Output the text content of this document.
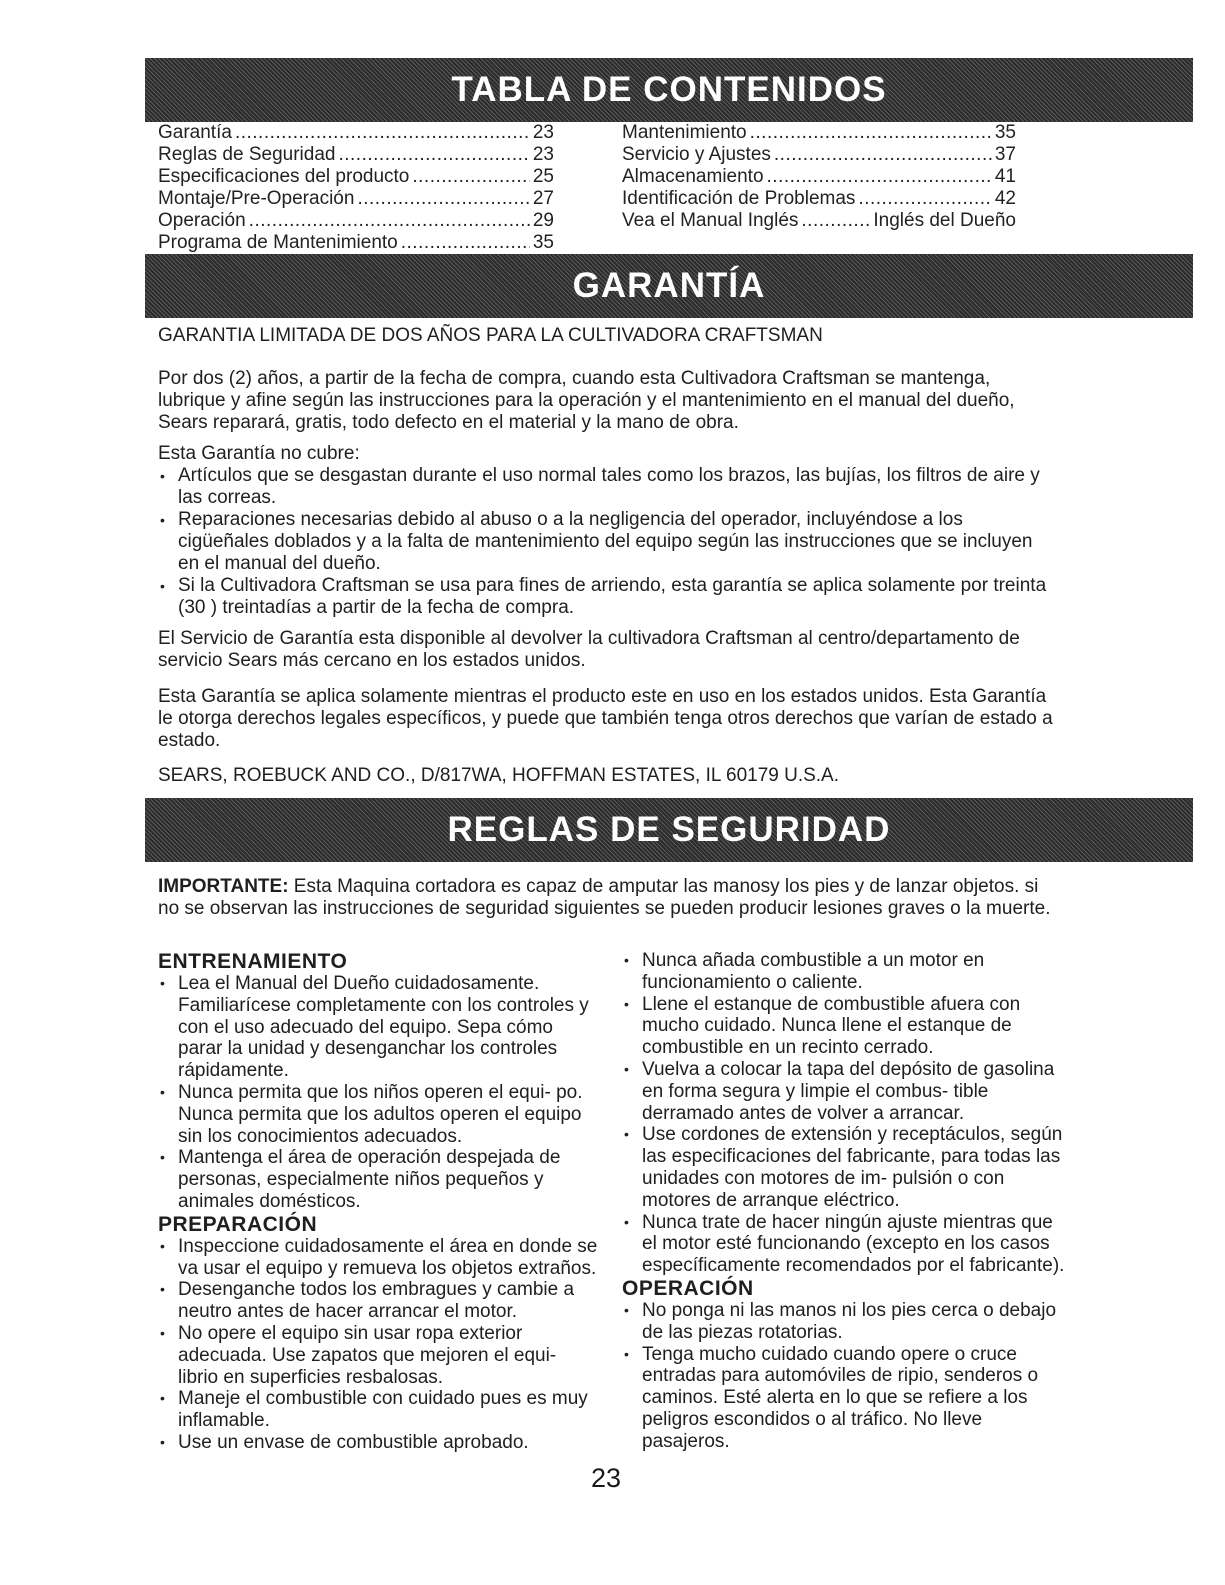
TABLA DE CONTENIDOS
Garantía .....	23
Reglas de Seguridad .....	23
Especificaciones del producto .....	25
Montaje/Pre-Operación .....	27
Operación .....	29
Programa de Mantenimiento .....	35
Mantenimiento .....	35
Servicio y Ajustes .....	37
Almacenamiento .....	41
Identificación de Problemas .....	42
Vea el Manual Inglés .....	Inglés del Dueño
GARANTÍA
GARANTIA LIMITADA DE DOS AÑOS PARA LA CULTIVADORA CRAFTSMAN
Por dos (2) años, a partir de la fecha de compra, cuando esta Cultivadora Craftsman se mantenga, lubrique y afine según las instrucciones para la operación y el mantenimiento en el manual del dueño, Sears reparará, gratis, todo defecto en el material y la mano de obra.
Esta Garantía no cubre:
• Artículos que se desgastan durante el uso normal tales como los brazos, las bujías, los filtros de aire y las correas.
• Reparaciones necesarias debido al abuso o a la negligencia del operador, incluyéndose a los cigüeñales doblados y a la falta de mantenimiento del equipo según las instrucciones que se incluyen en el manual del dueño.
• Si la Cultivadora Craftsman se usa para fines de arriendo, esta garantía se aplica solamente por treinta (30 ) treintadías a partir de la fecha de compra.
El Servicio de Garantía esta disponible al devolver la cultivadora Craftsman al centro/departamento de servicio Sears más cercano en los estados unidos.
Esta Garantía se aplica solamente mientras el producto este en uso en los estados unidos. Esta Garantía le otorga derechos legales específicos, y puede que también tenga otros derechos que varían de estado a estado.
SEARS, ROEBUCK AND CO., D/817WA, HOFFMAN ESTATES, IL 60179 U.S.A.
REGLAS DE SEGURIDAD
IMPORTANTE: Esta Maquina cortadora es capaz de amputar las manosy los pies y de lanzar objetos. si no se observan las instrucciones de seguridad siguientes se pueden producir lesiones graves o la muerte.
ENTRENAMIENTO
• Lea el Manual del Dueño cuidadosamente. Familiarícese completamente con los controles y con el uso adecuado del equipo. Sepa cómo parar la unidad y desenganchar los controles rápidamente.
• Nunca permita que los niños operen el equi- po. Nunca permita que los adultos operen el equipo sin los conocimientos adecuados.
• Mantenga el área de operación despejada de personas, especialmente niños pequeños y animales domésticos.
PREPARACIÓN
• Inspeccione cuidadosamente el área en donde se va usar el equipo y remueva los objetos extraños.
• Desenganche todos los embragues y cambie a neutro antes de hacer arrancar el motor.
• No opere el equipo sin usar ropa exterior adecuada. Use zapatos que mejoren el equi- librio en superficies resbalosas.
• Maneje el combustible con cuidado pues es muy inflamable.
• Use un envase de combustible aprobado.
• Nunca añada combustible a un motor en funcionamiento o caliente.
• Llene el estanque de combustible afuera con mucho cuidado. Nunca llene el estanque de combustible en un recinto cerrado.
• Vuelva a colocar la tapa del depósito de gasolina en forma segura y limpie el combus- tible derramado antes de volver a arrancar.
• Use cordones de extensión y receptáculos, según las especificaciones del fabricante, para todas las unidades con motores de im- pulsión o con motores de arranque eléctrico.
• Nunca trate de hacer ningún ajuste mientras que el motor esté funcionando (excepto en los casos específicamente recomendados por el fabricante).
OPERACIÓN
• No ponga ni las manos ni los pies cerca o debajo de las piezas rotatorias.
• Tenga mucho cuidado cuando opere o cruce entradas para automóviles de ripio, senderos o caminos. Esté alerta en lo que se refiere a los peligros escondidos o al tráfico. No lleve pasajeros.
23
